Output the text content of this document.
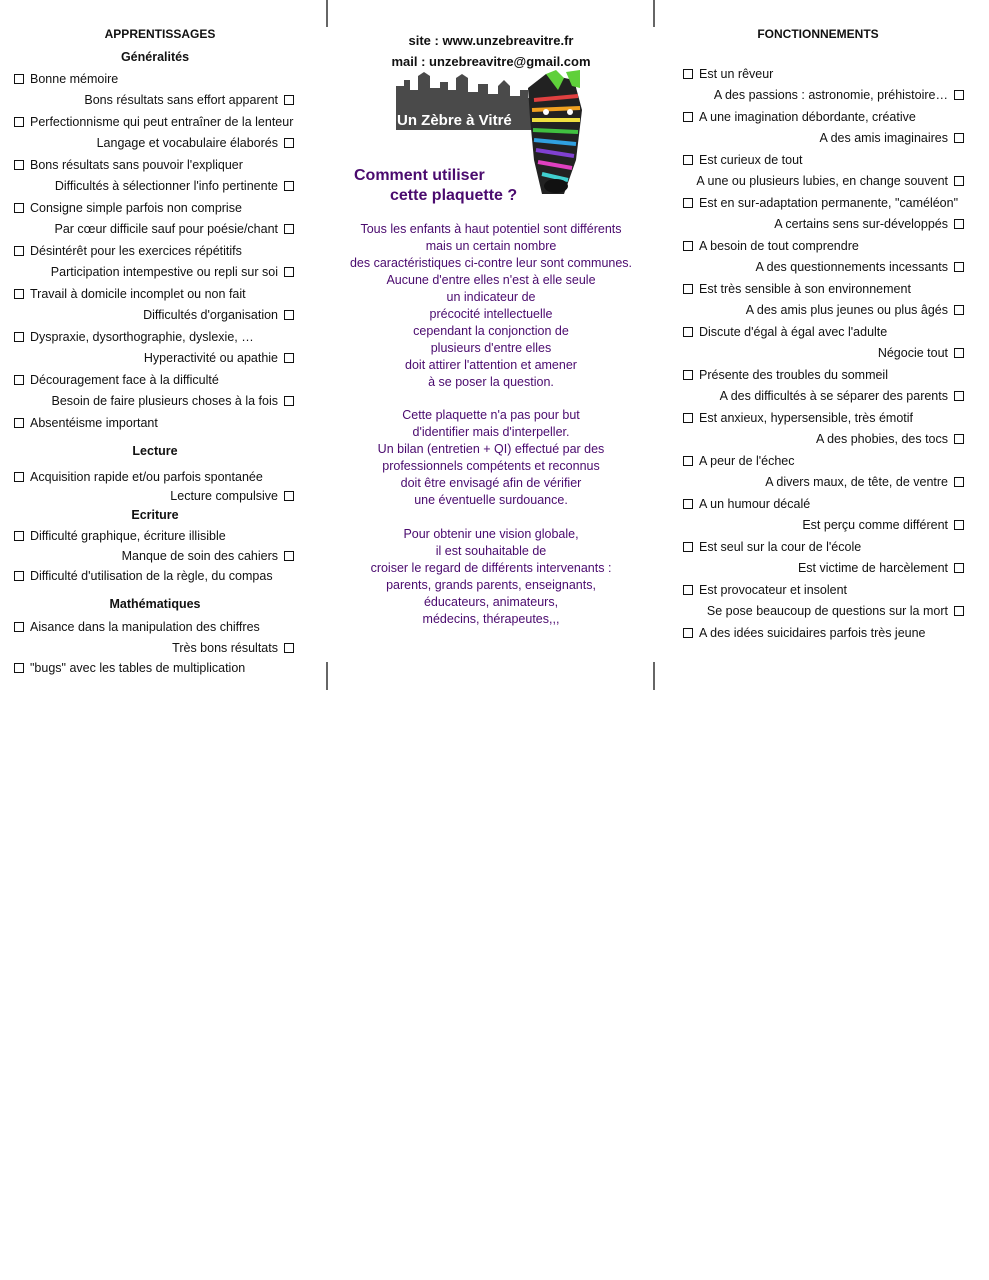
APPRENTISSAGES
Généralités
Bonne mémoire
Bons résultats sans effort apparent
Perfectionnisme qui peut entraîner de la lenteur
Langage et vocabulaire élaborés
Bons résultats sans pouvoir l'expliquer
Difficultés à sélectionner l'info pertinente
Consigne simple parfois non comprise
Par cœur difficile sauf pour poésie/chant
Désintérêt pour les exercices répétitifs
Participation intempestive ou repli sur soi
Travail à domicile incomplet ou non fait
Difficultés d'organisation
Dyspraxie, dysorthographie, dyslexie, …
Hyperactivité ou apathie
Découragement face à la difficulté
Besoin de faire plusieurs choses à la fois
Absentéisme important
Lecture
Acquisition rapide et/ou parfois spontanée
Lecture compulsive
Ecriture
Difficulté graphique, écriture illisible
Manque de soin des cahiers
Difficulté d'utilisation de la règle, du compas
Mathématiques
Aisance dans la manipulation des chiffres
Très bons résultats
"bugs" avec les tables de multiplication
site : www.unzebreavitre.fr
mail : unzebreavitre@gmail.com
Un Zèbre à Vitré
Comment utiliser
cette plaquette ?
Tous les enfants à haut potentiel sont différents
mais un certain nombre
des caractéristiques ci-contre leur sont communes.
Aucune d'entre elles n'est à elle seule
un indicateur de
précocité intellectuelle
cependant la conjonction de
plusieurs d'entre elles
doit attirer l'attention et amener
à se poser la question.
Cette plaquette n'a pas pour but
d'identifier mais d'interpeller.
Un bilan (entretien + QI) effectué par des
professionnels compétents et reconnus
doit être envisagé afin de vérifier
une éventuelle surdouance.
Pour obtenir une vision globale,
il est souhaitable de
croiser le regard de différents intervenants :
parents, grands parents, enseignants,
éducateurs, animateurs,
médecins, thérapeutes,,,
FONCTIONNEMENTS
Est un rêveur
A des passions : astronomie, préhistoire…
A une imagination débordante, créative
A des amis imaginaires
Est curieux de tout
A une ou plusieurs lubies, en change souvent
Est en sur-adaptation permanente, "caméléon"
A certains sens sur-développés
A besoin de tout comprendre
A des questionnements incessants
Est très sensible à son environnement
A des amis plus jeunes ou plus âgés
Discute d'égal à égal avec l'adulte
Négocie tout
Présente des troubles du sommeil
A des difficultés à se séparer des parents
Est anxieux, hypersensible, très émotif
A des phobies, des tocs
A peur de l'échec
A divers maux, de tête, de ventre
A un humour décalé
Est perçu comme différent
Est seul sur la cour de l'école
Est victime de harcèlement
Est provocateur et insolent
Se pose beaucoup de questions sur la mort
A des idées suicidaires parfois très jeune
